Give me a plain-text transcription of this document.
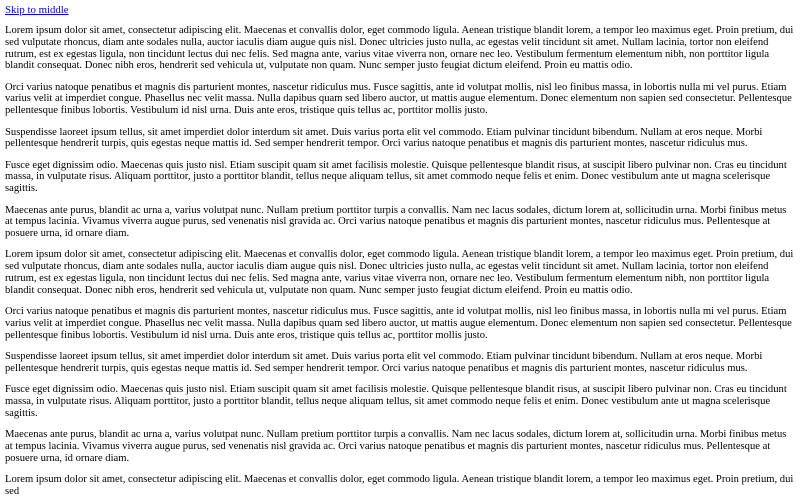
Skip to middle

Lorem ipsum dolor sit amet, consectetur adipiscing elit. Maecenas et convallis dolor, eget commodo ligula. Aenean tristique blandit lorem, a tempor leo maximus eget. Proin pretium, dui sed vulputate rhoncus, diam ante sodales nulla, auctor iaculis diam augue quis nisl. Donec ultricies justo nulla, ac egestas velit tincidunt sit amet. Nullam lacinia, tortor non eleifend rutrum, est ex egestas ligula, non tincidunt lectus dui nec felis. Sed magna ante, varius vitae viverra non, ornare nec leo. Vestibulum fermentum elementum nibh, non porttitor ligula blandit consequat. Donec nibh eros, hendrerit sed vehicula ut, vulputate non quam. Nunc semper justo feugiat dictum eleifend. Proin eu mattis odio.

Orci varius natoque penatibus et magnis dis parturient montes, nascetur ridiculus mus. Fusce sagittis, ante id volutpat mollis, nisl leo finibus massa, in lobortis nulla mi vel purus. Etiam varius velit at imperdiet congue. Phasellus nec velit massa. Nulla dapibus quam sed libero auctor, ut mattis augue elementum. Donec elementum non sapien sed consectetur. Pellentesque pellentesque finibus lobortis. Vestibulum id nisl urna. Duis ante eros, tristique quis tellus ac, porttitor mollis justo.

Suspendisse laoreet ipsum tellus, sit amet imperdiet dolor interdum sit amet. Duis varius porta elit vel commodo. Etiam pulvinar tincidunt bibendum. Nullam at eros neque. Morbi pellentesque hendrerit turpis, quis egestas neque mattis id. Sed semper hendrerit tempor. Orci varius natoque penatibus et magnis dis parturient montes, nascetur ridiculus mus.

Fusce eget dignissim odio. Maecenas quis justo nisl. Etiam suscipit quam sit amet facilisis molestie. Quisque pellentesque blandit risus, at suscipit libero pulvinar non. Cras eu tincidunt massa, in vulputate risus. Aliquam porttitor, justo a porttitor blandit, tellus neque aliquam tellus, sit amet commodo neque felis et enim. Donec vestibulum ante ut magna scelerisque sagittis.

Maecenas ante purus, blandit ac urna a, varius volutpat nunc. Nullam pretium porttitor turpis a convallis. Nam nec lacus sodales, dictum lorem at, sollicitudin urna. Morbi finibus metus at tempus lacinia. Vivamus viverra augue purus, sed venenatis nisl gravida ac. Orci varius natoque penatibus et magnis dis parturient montes, nascetur ridiculus mus. Pellentesque at posuere urna, id ornare diam.

Lorem ipsum dolor sit amet, consectetur adipiscing elit. Maecenas et convallis dolor, eget commodo ligula. Aenean tristique blandit lorem, a tempor leo maximus eget. Proin pretium, dui sed vulputate rhoncus, diam ante sodales nulla, auctor iaculis diam augue quis nisl. Donec ultricies justo nulla, ac egestas velit tincidunt sit amet. Nullam lacinia, tortor non eleifend rutrum, est ex egestas ligula, non tincidunt lectus dui nec felis. Sed magna ante, varius vitae viverra non, ornare nec leo. Vestibulum fermentum elementum nibh, non porttitor ligula blandit consequat. Donec nibh eros, hendrerit sed vehicula ut, vulputate non quam. Nunc semper justo feugiat dictum eleifend. Proin eu mattis odio.

Orci varius natoque penatibus et magnis dis parturient montes, nascetur ridiculus mus. Fusce sagittis, ante id volutpat mollis, nisl leo finibus massa, in lobortis nulla mi vel purus. Etiam varius velit at imperdiet congue. Phasellus nec velit massa. Nulla dapibus quam sed libero auctor, ut mattis augue elementum. Donec elementum non sapien sed consectetur. Pellentesque pellentesque finibus lobortis. Vestibulum id nisl urna. Duis ante eros, tristique quis tellus ac, porttitor mollis justo.

Suspendisse laoreet ipsum tellus, sit amet imperdiet dolor interdum sit amet. Duis varius porta elit vel commodo. Etiam pulvinar tincidunt bibendum. Nullam at eros neque. Morbi pellentesque hendrerit turpis, quis egestas neque mattis id. Sed semper hendrerit tempor. Orci varius natoque penatibus et magnis dis parturient montes, nascetur ridiculus mus.

Fusce eget dignissim odio. Maecenas quis justo nisl. Etiam suscipit quam sit amet facilisis molestie. Quisque pellentesque blandit risus, at suscipit libero pulvinar non. Cras eu tincidunt massa, in vulputate risus. Aliquam porttitor, justo a porttitor blandit, tellus neque aliquam tellus, sit amet commodo neque felis et enim. Donec vestibulum ante ut magna scelerisque sagittis.

Maecenas ante purus, blandit ac urna a, varius volutpat nunc. Nullam pretium porttitor turpis a convallis. Nam nec lacus sodales, dictum lorem at, sollicitudin urna. Morbi finibus metus at tempus lacinia. Vivamus viverra augue purus, sed venenatis nisl gravida ac. Orci varius natoque penatibus et magnis dis parturient montes, nascetur ridiculus mus. Pellentesque at posuere urna, id ornare diam.

Lorem ipsum dolor sit amet, consectetur adipiscing elit. Maecenas et convallis dolor, eget commodo ligula. Aenean tristique blandit lorem, a tempor leo maximus eget. Proin pretium, dui sed
